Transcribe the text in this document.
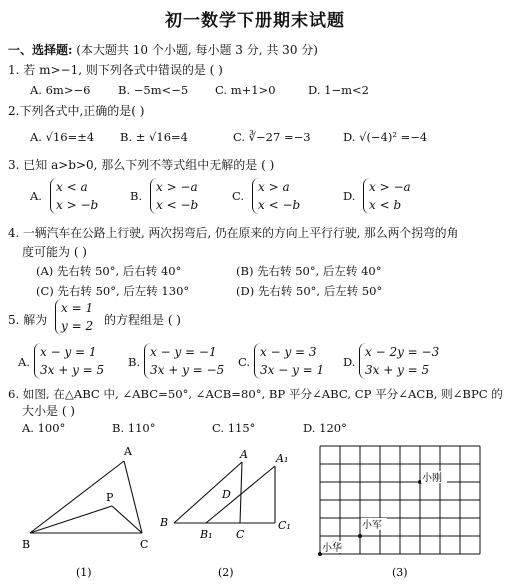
初一数学下册期末试题
一、选择题: (本大题共 10 个小题, 每小题 3 分, 共 30 分)
1. 若 m>−1, 则下列各式中错误的是 ( )
A. 6m>−6 B. −5m<−5 C. m+1>0	D. 1−m<2
2.下列各式中,正确的是( )
A. √16=±4 B. ± √16=4	C. ∛−27 =−3	D. √(−4)² =−4
3. 已知 a>b>0, 那么下列不等式组中无解的是 ( )
A.
x < a
x > −b
B.
x > −a
x < −b
C.
x > a
x < −b
D.
x > −a
x < b
4. 一辆汽车在公路上行驶, 两次拐弯后, 仍在原来的方向上平行行驶, 那么两个拐弯的角
度可能为 ( )
(A) 先右转 50°, 后右转 40°	(B) 先右转 50°, 后左转 40°
(C) 先右转 50°, 后左转 130°	(D) 先右转 50°, 后左转 50°
5. 解为
x = 1
y = 2 的方程组是 ( )
A.
x − y = 1
3x + y = 5
B.
x − y = −1
3x + y = −5
C.
x − y = 3
3x − y = 1
D.
x − 2y = −3
3x + y = 5
6. 如图, 在△ABC 中, ∠ABC=50°, ∠ACB=80°, BP 平分∠ABC, CP 平分∠ACB, 则∠BPC 的
大小是 ( )
A. 100°	B. 110°	C. 115°	D. 120°
A
B	C
P
(1)
A	A₁
B
B₁ C
C₁
D
(2)
小刚
小军
小华
(3)
